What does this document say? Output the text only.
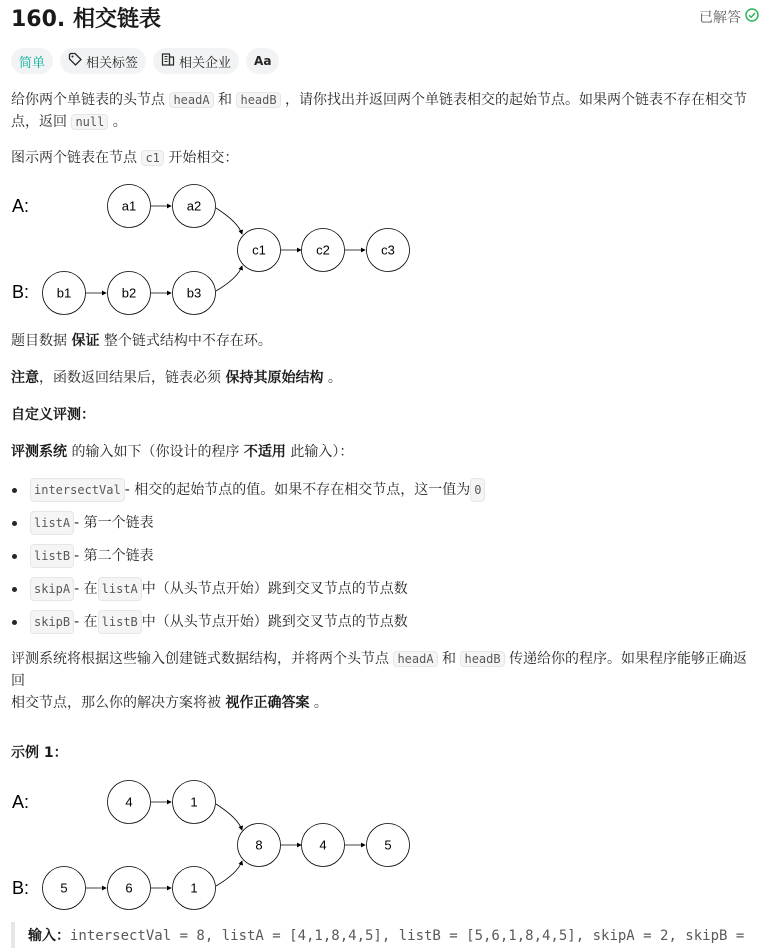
160. 相交链表	已解答
简单	相关标签	相关企业 Aa

给你两个单链表的头节点 headA 和 headB ，请你找出并返回两个单链表相交的起始节点。如果两个链表不存在相交节
点，返回 null 。

图示两个链表在节点 c1 开始相交：

A:
B:
a1	a2
b1	b2	b3
c1	c2	c3

题目数据 保证 整个链式结构中不存在环。

注意，函数返回结果后，链表必须 保持其原始结构 。

自定义评测：

评测系统 的输入如下（你设计的程序 不适用 此输入）：

intersectVal - 相交的起始节点的值。如果不存在相交节点，这一值为 0
listA - 第一个链表
listB - 第二个链表
skipA - 在 listA 中（从头节点开始）跳到交叉节点的节点数
skipB - 在 listB 中（从头节点开始）跳到交叉节点的节点数

评测系统将根据这些输入创建链式数据结构，并将两个头节点 headA 和 headB 传递给你的程序。如果程序能够正确返回
相交节点，那么你的解决方案将被 视作正确答案 。

示例 1：

A:
B:
4	1
5	6	1
8	4	5
输入：intersectVal = 8, listA = [4,1,8,4,5], listB = [5,6,1,8,4,5], skipA = 2, skipB =
